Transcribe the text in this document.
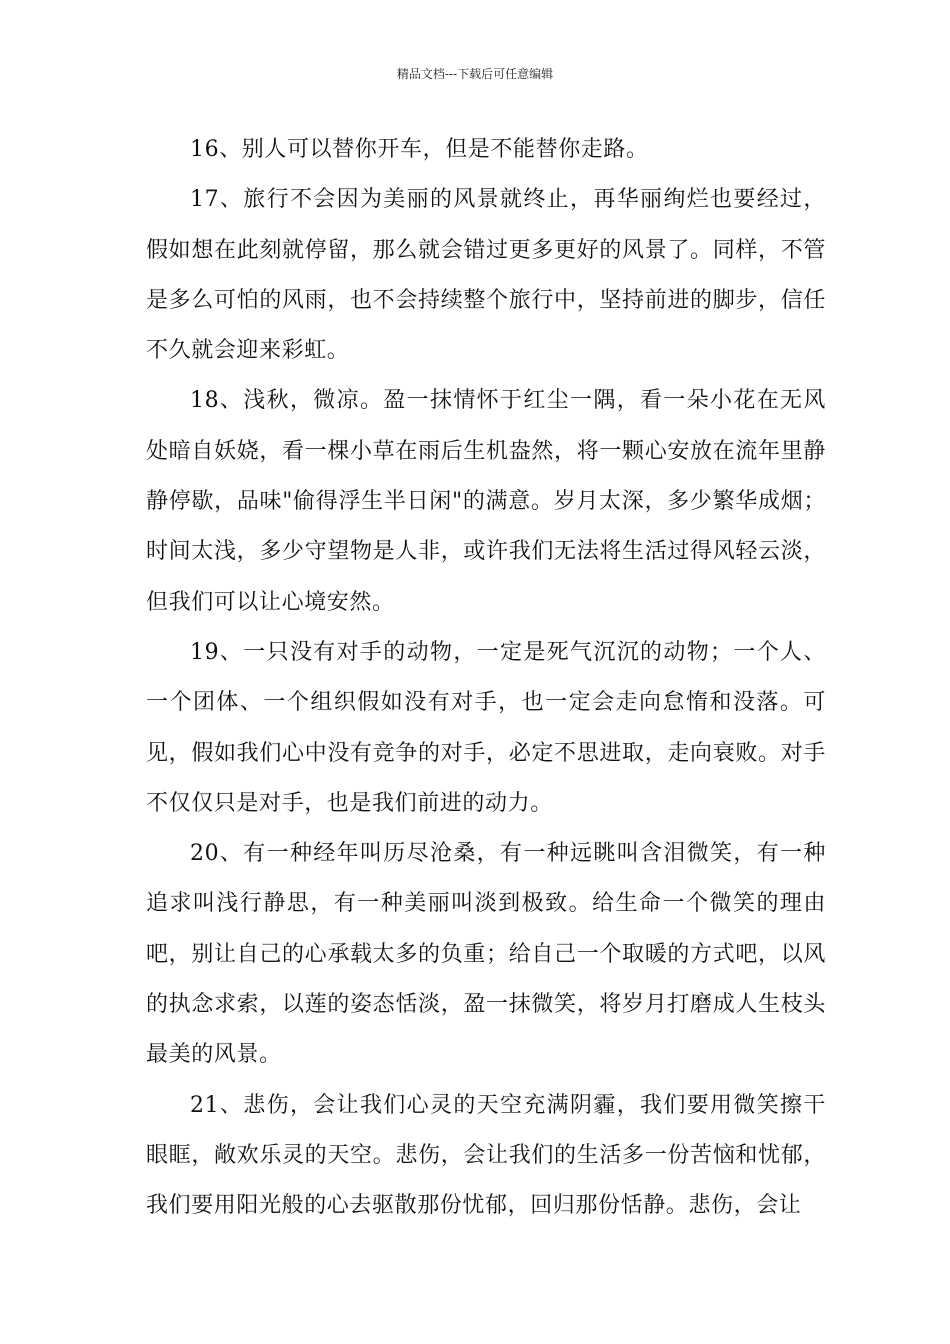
精品文档---下载后可任意编辑

16、别人可以替你开车，但是不能替你走路。

17、旅行不会因为美丽的风景就终止，再华丽绚烂也要经过，假如想在此刻就停留，那么就会错过更多更好的风景了。同样，不管是多么可怕的风雨，也不会持续整个旅行中，坚持前进的脚步，信任不久就会迎来彩虹。

18、浅秋，微凉。盈一抹情怀于红尘一隅，看一朵小花在无风处暗自妖娆，看一棵小草在雨后生机盎然，将一颗心安放在流年里静静停歇，品味"偷得浮生半日闲"的满意。岁月太深，多少繁华成烟；时间太浅，多少守望物是人非，或许我们无法将生活过得风轻云淡，但我们可以让心境安然。

19、一只没有对手的动物，一定是死气沉沉的动物；一个人、一个团体、一个组织假如没有对手，也一定会走向怠惰和没落。可见，假如我们心中没有竞争的对手，必定不思进取，走向衰败。对手不仅仅只是对手，也是我们前进的动力。

20、有一种经年叫历尽沧桑，有一种远眺叫含泪微笑，有一种追求叫浅行静思，有一种美丽叫淡到极致。给生命一个微笑的理由吧，别让自己的心承载太多的负重；给自己一个取暖的方式吧，以风的执念求索，以莲的姿态恬淡，盈一抹微笑，将岁月打磨成人生枝头最美的风景。

21、悲伤，会让我们心灵的天空充满阴霾，我们要用微笑擦干眼眶，敞欢乐灵的天空。悲伤，会让我们的生活多一份苦恼和忧郁，我们要用阳光般的心去驱散那份忧郁，回归那份恬静。悲伤，会让
